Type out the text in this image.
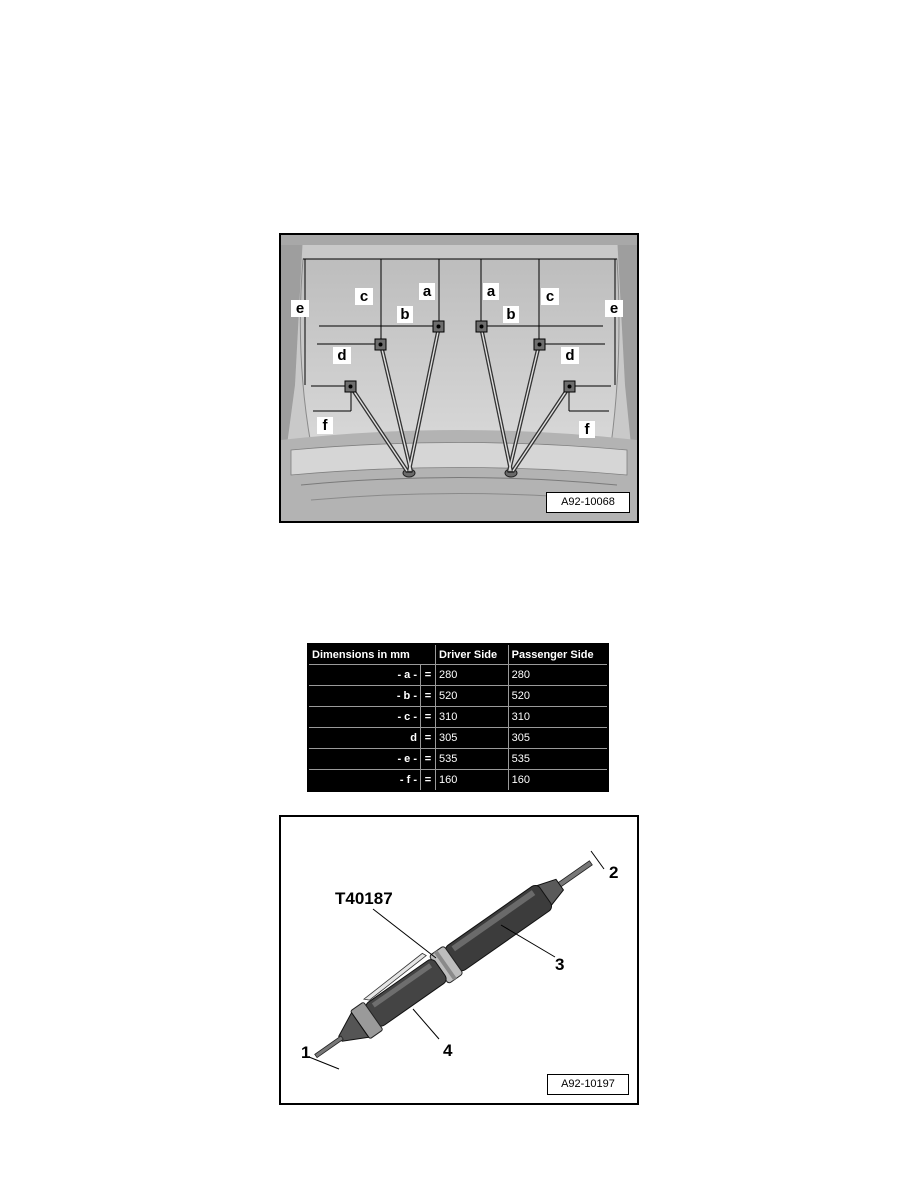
a	a
b	b
c	c
d	d
e	e
f	f
A92-10068
Dimensions in mm		Driver Side	Passenger Side
- a -	=	280	280
- b -	=	520	520
- c -	=	310	310
d	=	305	305
- e -	=	535	535
- f -	=	160	160
T40187
1
2
3
4
A92-10197
